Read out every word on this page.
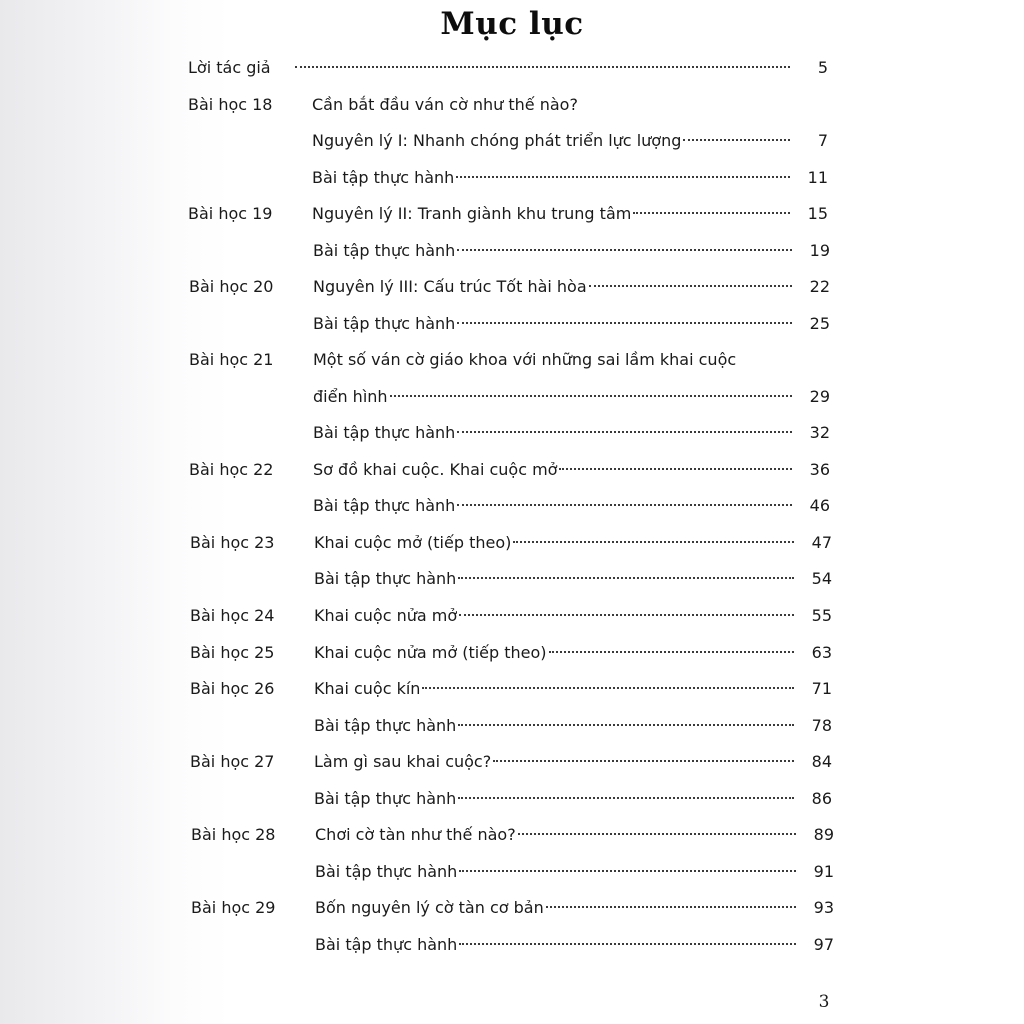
Mục lục
Lời tác giả	5
Bài học 18 Cần bắt đầu ván cờ như thế nào?
Nguyên lý I: Nhanh chóng phát triển lực lượng	7
Bài tập thực hành	11
Bài học 19 Nguyên lý II: Tranh giành khu trung tâm	15
Bài tập thực hành	19
Bài học 20 Nguyên lý III: Cấu trúc Tốt hài hòa	22
Bài tập thực hành	25
Bài học 21 Một số ván cờ giáo khoa với những sai lầm khai cuộc
điển hình	29
Bài tập thực hành	32
Bài học 22 Sơ đồ khai cuộc. Khai cuộc mở	36
Bài tập thực hành	46
Bài học 23 Khai cuộc mở (tiếp theo)	47
Bài tập thực hành	54
Bài học 24 Khai cuộc nửa mở	55
Bài học 25 Khai cuộc nửa mở (tiếp theo)	63
Bài học 26 Khai cuộc kín	71
Bài tập thực hành	78
Bài học 27 Làm gì sau khai cuộc?	84
Bài tập thực hành	86
Bài học 28 Chơi cờ tàn như thế nào?	89
Bài tập thực hành	91
Bài học 29 Bốn nguyên lý cờ tàn cơ bản	93
Bài tập thực hành	97
3
